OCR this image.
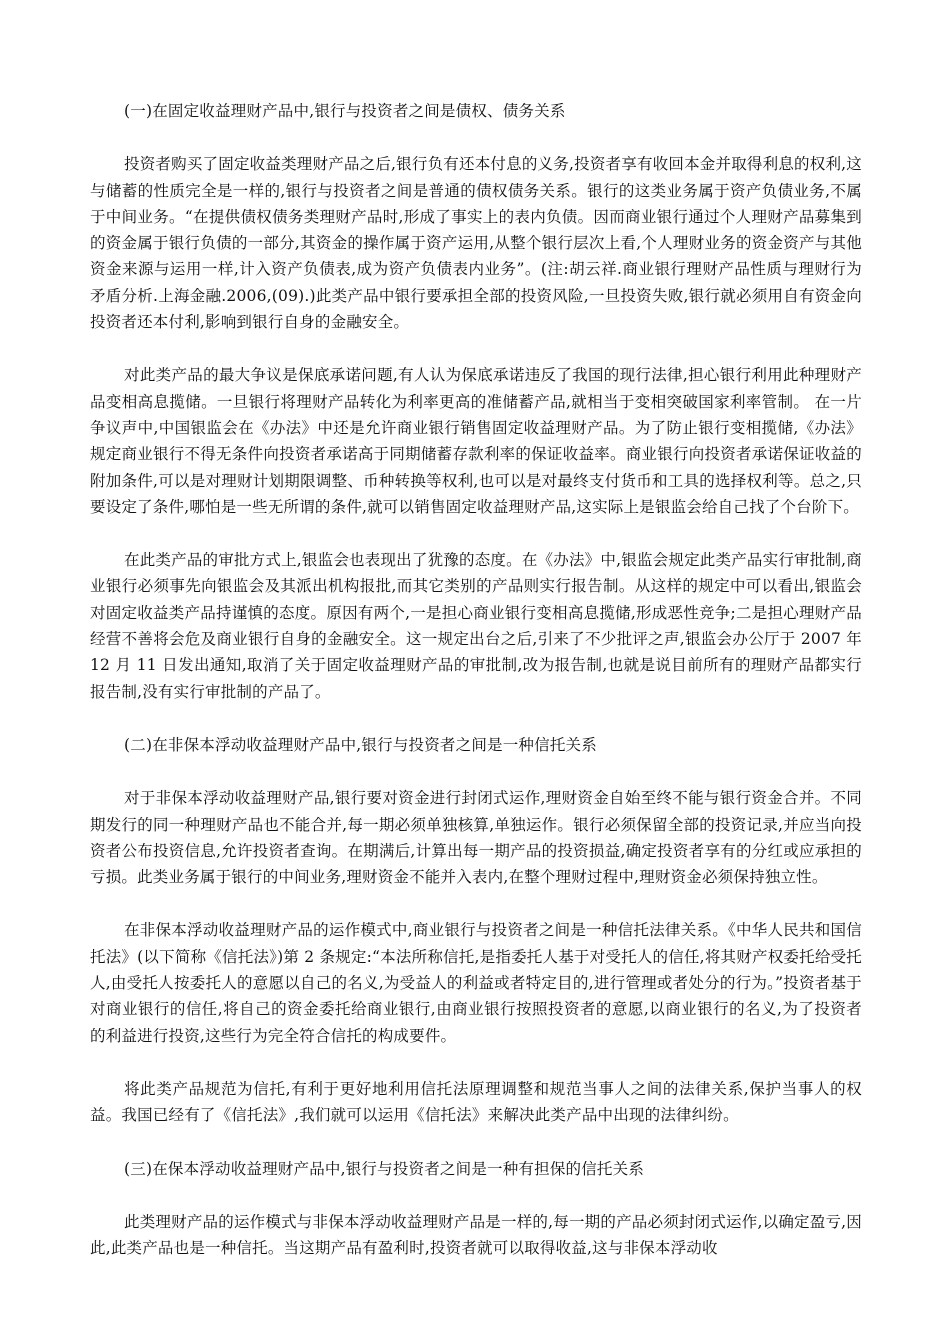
(一)在固定收益理财产品中,银行与投资者之间是债权、债务关系

投资者购买了固定收益类理财产品之后,银行负有还本付息的义务,投资者享有收回本金并取得利息的权利,这与储蓄的性质完全是一样的,银行与投资者之间是普通的债权债务关系。银行的这类业务属于资产负债业务,不属于中间业务。“在提供债权债务类理财产品时,形成了事实上的表内负债。因而商业银行通过个人理财产品募集到的资金属于银行负债的一部分,其资金的操作属于资产运用,从整个银行层次上看,个人理财业务的资金资产与其他资金来源与运用一样,计入资产负债表,成为资产负债表内业务”。(注:胡云祥.商业银行理财产品性质与理财行为矛盾分析.上海金融.2006,(09).)此类产品中银行要承担全部的投资风险,一旦投资失败,银行就必须用自有资金向投资者还本付利,影响到银行自身的金融安全。

对此类产品的最大争议是保底承诺问题,有人认为保底承诺违反了我国的现行法律,担心银行利用此种理财产品变相高息揽储。一旦银行将理财产品转化为利率更高的准储蓄产品,就相当于变相突破国家利率管制。 在一片争议声中,中国银监会在《办法》中还是允许商业银行销售固定收益理财产品。为了防止银行变相揽储,《办法》规定商业银行不得无条件向投资者承诺高于同期储蓄存款利率的保证收益率。商业银行向投资者承诺保证收益的附加条件,可以是对理财计划期限调整、币种转换等权利,也可以是对最终支付货币和工具的选择权利等。总之,只要设定了条件,哪怕是一些无所谓的条件,就可以销售固定收益理财产品,这实际上是银监会给自己找了个台阶下。

在此类产品的审批方式上,银监会也表现出了犹豫的态度。在《办法》中,银监会规定此类产品实行审批制,商业银行必须事先向银监会及其派出机构报批,而其它类别的产品则实行报告制。从这样的规定中可以看出,银监会对固定收益类产品持谨慎的态度。原因有两个,一是担心商业银行变相高息揽储,形成恶性竞争;二是担心理财产品经营不善将会危及商业银行自身的金融安全。这一规定出台之后,引来了不少批评之声,银监会办公厅于 2007 年 12 月 11 日发出通知,取消了关于固定收益理财产品的审批制,改为报告制,也就是说目前所有的理财产品都实行报告制,没有实行审批制的产品了。

(二)在非保本浮动收益理财产品中,银行与投资者之间是一种信托关系

对于非保本浮动收益理财产品,银行要对资金进行封闭式运作,理财资金自始至终不能与银行资金合并。不同期发行的同一种理财产品也不能合并,每一期必须单独核算,单独运作。银行必须保留全部的投资记录,并应当向投资者公布投资信息,允许投资者查询。在期满后,计算出每一期产品的投资损益,确定投资者享有的分红或应承担的亏损。此类业务属于银行的中间业务,理财资金不能并入表内,在整个理财过程中,理财资金必须保持独立性。

在非保本浮动收益理财产品的运作模式中,商业银行与投资者之间是一种信托法律关系。《中华人民共和国信托法》(以下简称《信托法》)第 2 条规定:“本法所称信托,是指委托人基于对受托人的信任,将其财产权委托给受托人,由受托人按委托人的意愿以自己的名义,为受益人的利益或者特定目的,进行管理或者处分的行为。”投资者基于对商业银行的信任,将自己的资金委托给商业银行,由商业银行按照投资者的意愿,以商业银行的名义,为了投资者的利益进行投资,这些行为完全符合信托的构成要件。

将此类产品规范为信托,有利于更好地利用信托法原理调整和规范当事人之间的法律关系,保护当事人的权益。我国已经有了《信托法》,我们就可以运用《信托法》来解决此类产品中出现的法律纠纷。

(三)在保本浮动收益理财产品中,银行与投资者之间是一种有担保的信托关系

此类理财产品的运作模式与非保本浮动收益理财产品是一样的,每一期的产品必须封闭式运作,以确定盈亏,因此,此类产品也是一种信托。当这期产品有盈利时,投资者就可以取得收益,这与非保本浮动收
